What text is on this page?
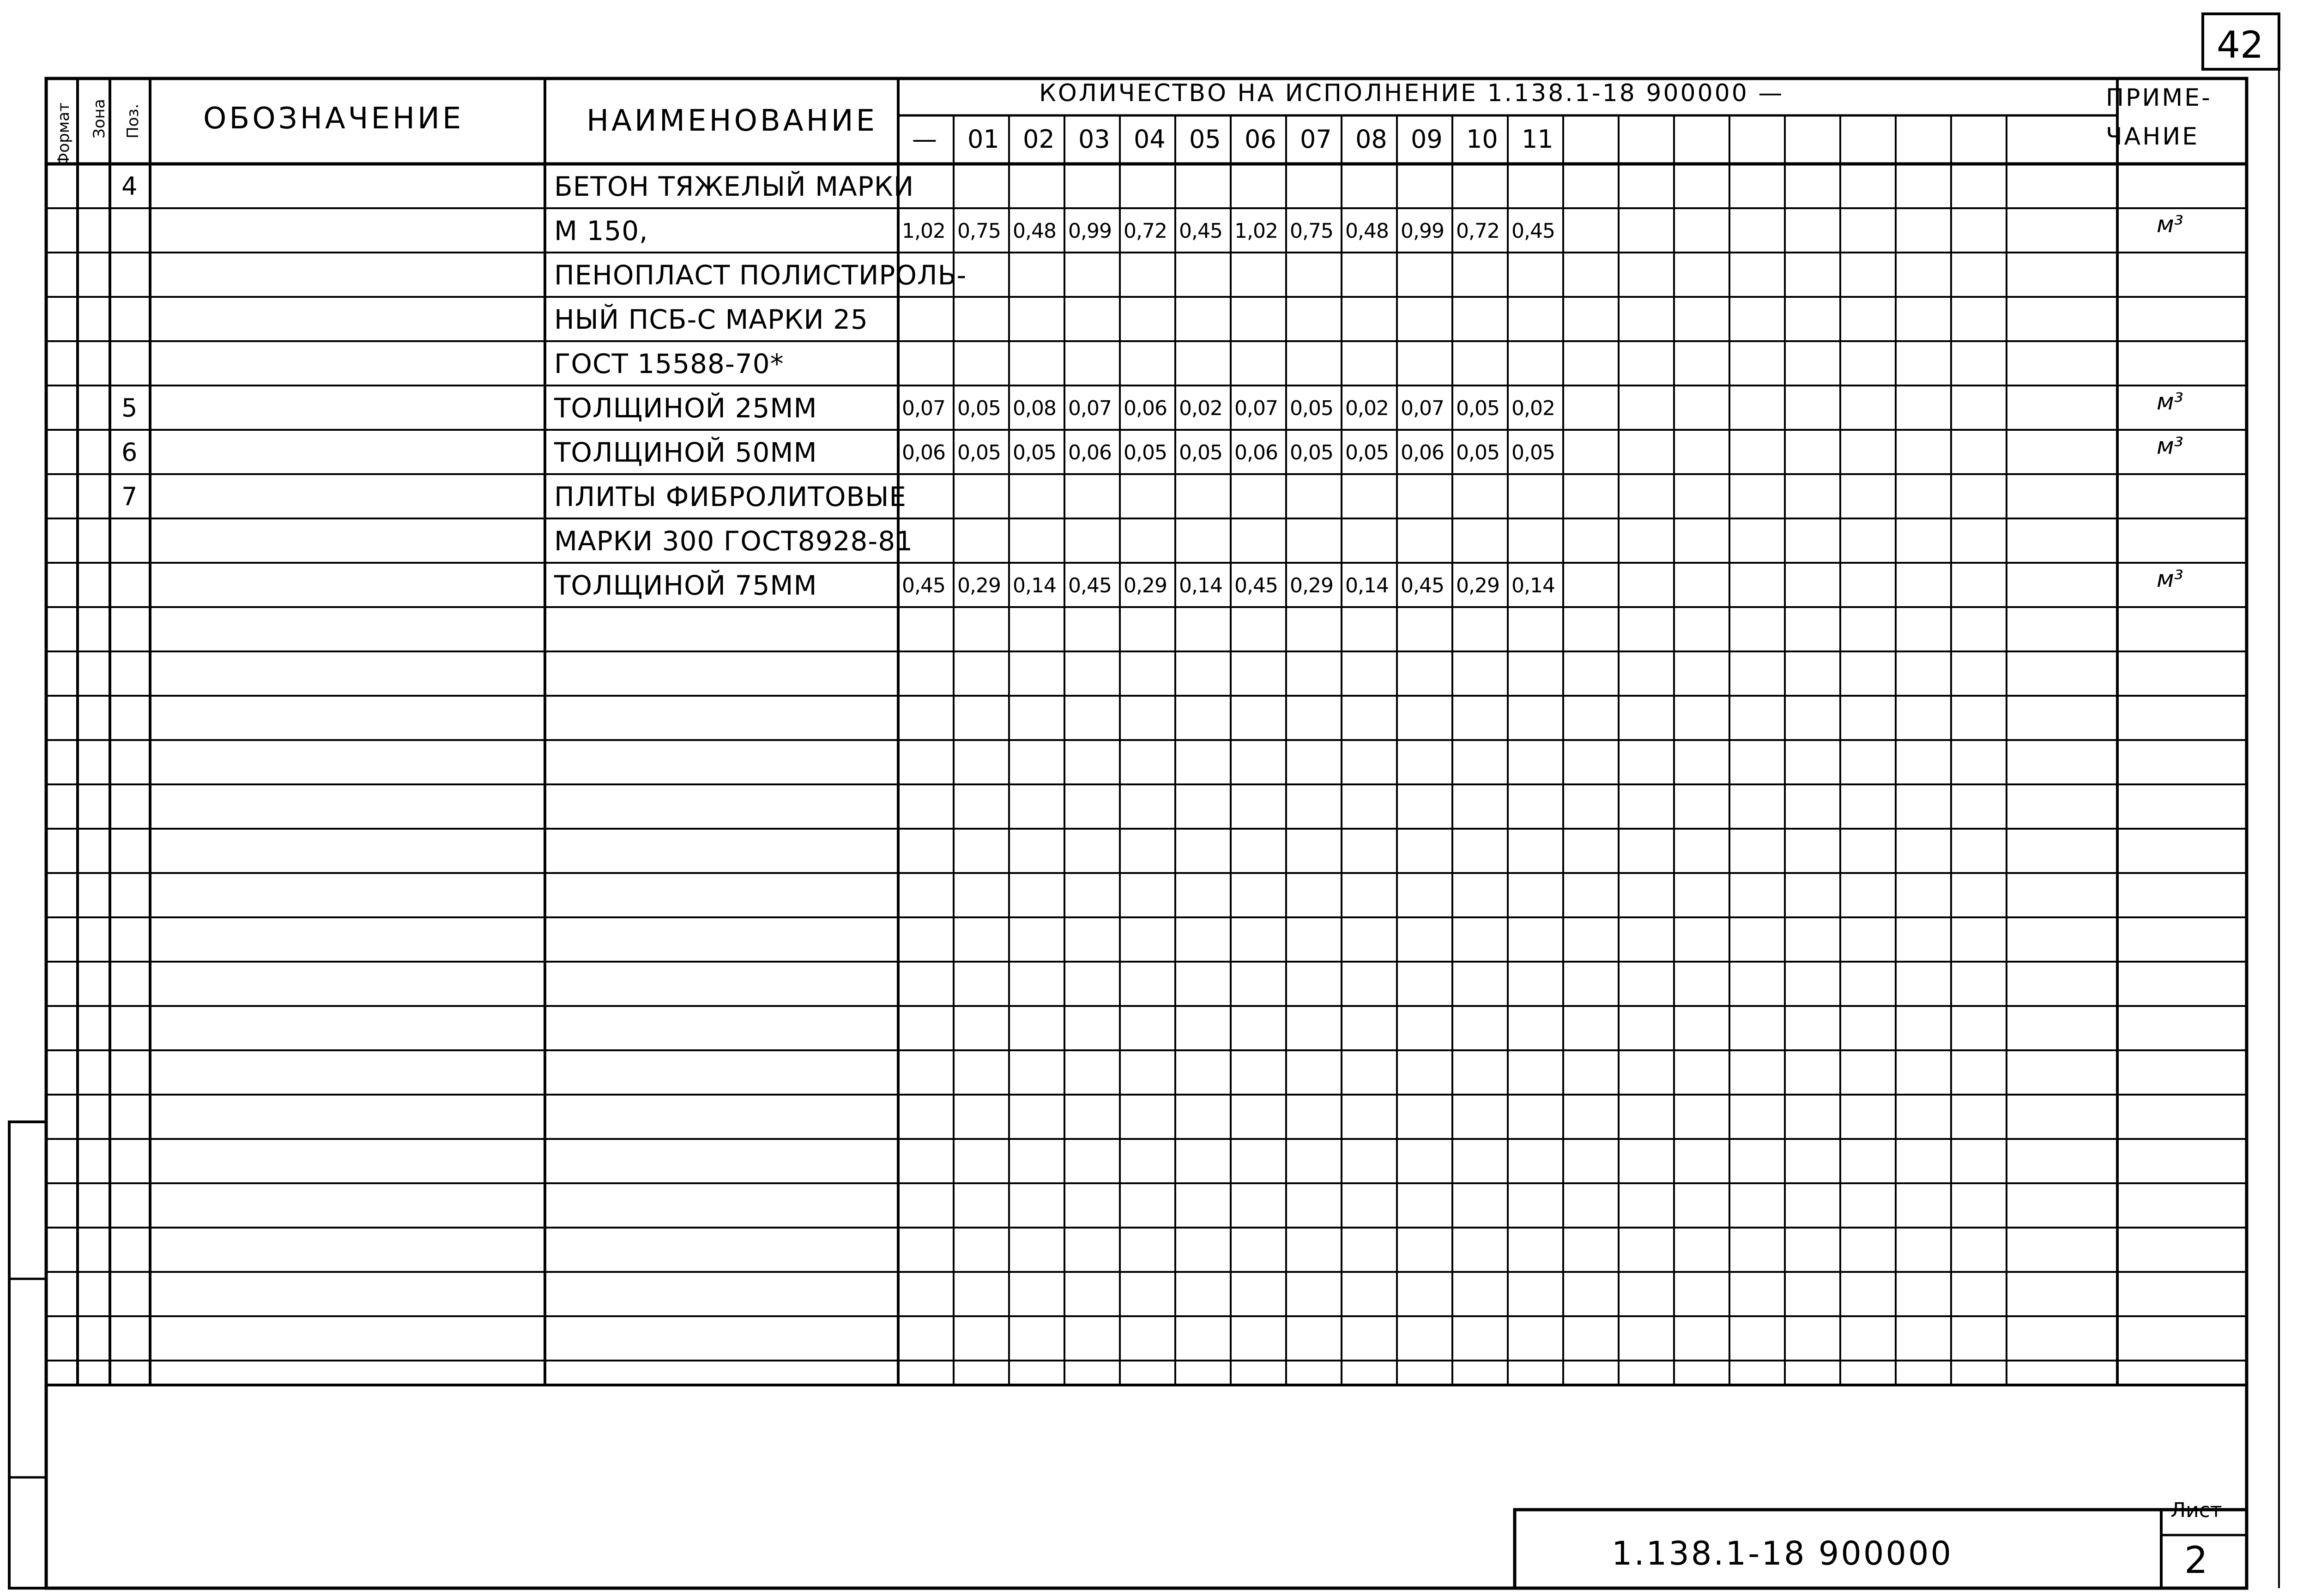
42
Формат Зона Поз. ОБОЗНАЧЕНИЕ	НАИМЕНОВАНИЕ
КОЛИЧЕСТВО НА ИСПОЛНЕНИЕ 1.138.1-18 900000 —	ПРИМЕ-
ЧАНИЕ
— 01 02 03 04 05 06 07 08 09 10 11
4	БЕТОН ТЯЖЕЛЫЙ МАРКИ
М 150,	1,02 0,75 0,48 0,99 0,72 0,45 1,02 0,75 0,48 0,99 0,72 0,45	м³
ПЕНОПЛАСТ ПОЛИСТИРОЛЬ-
НЫЙ ПСБ-С МАРКИ 25
ГОСТ 15588-70*
5	ТОЛЩИНОЙ 25ММ	0,07 0,05 0,08 0,07 0,06 0,02 0,07 0,05 0,02 0,07 0,05 0,02	м³
6	ТОЛЩИНОЙ 50ММ	0,06 0,05 0,05 0,06 0,05 0,05 0,06 0,05 0,05 0,06 0,05 0,05	м³
7	ПЛИТЫ ФИБРОЛИТОВЫЕ
МАРКИ 300 ГОСТ8928-81
ТОЛЩИНОЙ 75ММ	0,45 0,29 0,14 0,45 0,29 0,14 0,45 0,29 0,14 0,45 0,29 0,14	м³
1.138.1-18 900000
Лист
2
